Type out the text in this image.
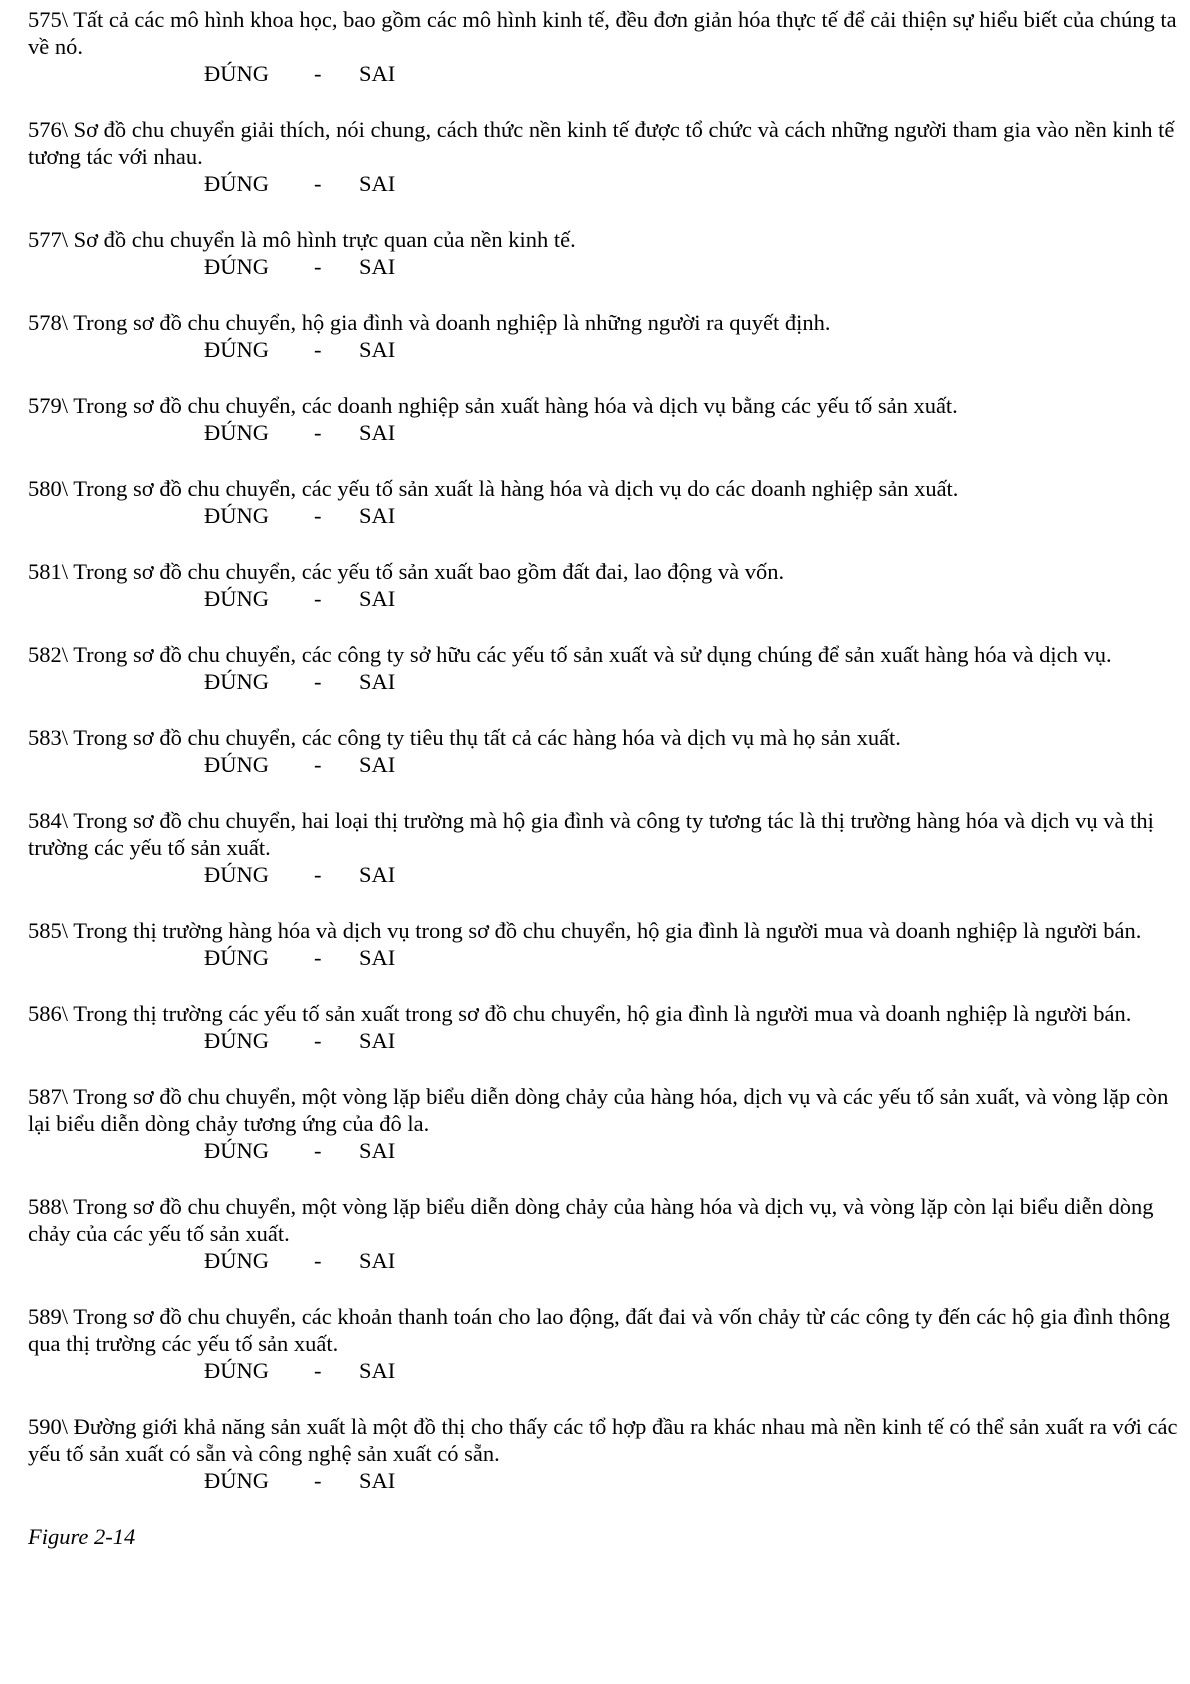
575\ Tất cả các mô hình khoa học, bao gồm các mô hình kinh tế, đều đơn giản hóa thực tế để cải thiện sự hiểu biết của chúng ta về nó.
ĐÚNG - SAI
576\ Sơ đồ chu chuyển giải thích, nói chung, cách thức nền kinh tế được tổ chức và cách những người tham gia vào nền kinh tế tương tác với nhau.
ĐÚNG - SAI
577\ Sơ đồ chu chuyển là mô hình trực quan của nền kinh tế.
ĐÚNG - SAI
578\ Trong sơ đồ chu chuyển, hộ gia đình và doanh nghiệp là những người ra quyết định.
ĐÚNG - SAI
579\ Trong sơ đồ chu chuyển, các doanh nghiệp sản xuất hàng hóa và dịch vụ bằng các yếu tố sản xuất.
ĐÚNG - SAI
580\ Trong sơ đồ chu chuyển, các yếu tố sản xuất là hàng hóa và dịch vụ do các doanh nghiệp sản xuất.
ĐÚNG - SAI
581\ Trong sơ đồ chu chuyển, các yếu tố sản xuất bao gồm đất đai, lao động và vốn.
ĐÚNG - SAI
582\ Trong sơ đồ chu chuyển, các công ty sở hữu các yếu tố sản xuất và sử dụng chúng để sản xuất hàng hóa và dịch vụ.
ĐÚNG - SAI
583\ Trong sơ đồ chu chuyển, các công ty tiêu thụ tất cả các hàng hóa và dịch vụ mà họ sản xuất.
ĐÚNG - SAI
584\ Trong sơ đồ chu chuyển, hai loại thị trường mà hộ gia đình và công ty tương tác là thị trường hàng hóa và dịch vụ và thị trường các yếu tố sản xuất.
ĐÚNG - SAI
585\ Trong thị trường hàng hóa và dịch vụ trong sơ đồ chu chuyển, hộ gia đình là người mua và doanh nghiệp là người bán.
ĐÚNG - SAI
586\ Trong thị trường các yếu tố sản xuất trong sơ đồ chu chuyển, hộ gia đình là người mua và doanh nghiệp là người bán.
ĐÚNG - SAI
587\ Trong sơ đồ chu chuyển, một vòng lặp biểu diễn dòng chảy của hàng hóa, dịch vụ và các yếu tố sản xuất, và vòng lặp còn lại biểu diễn dòng chảy tương ứng của đô la.
ĐÚNG - SAI
588\ Trong sơ đồ chu chuyển, một vòng lặp biểu diễn dòng chảy của hàng hóa và dịch vụ, và vòng lặp còn lại biểu diễn dòng chảy của các yếu tố sản xuất.
ĐÚNG - SAI
589\ Trong sơ đồ chu chuyển, các khoản thanh toán cho lao động, đất đai và vốn chảy từ các công ty đến các hộ gia đình thông qua thị trường các yếu tố sản xuất.
ĐÚNG - SAI
590\ Đường giới khả năng sản xuất là một đồ thị cho thấy các tổ hợp đầu ra khác nhau mà nền kinh tế có thể sản xuất ra với các yếu tố sản xuất có sẵn và công nghệ sản xuất có sẵn.
ĐÚNG - SAI
Figure 2-14
